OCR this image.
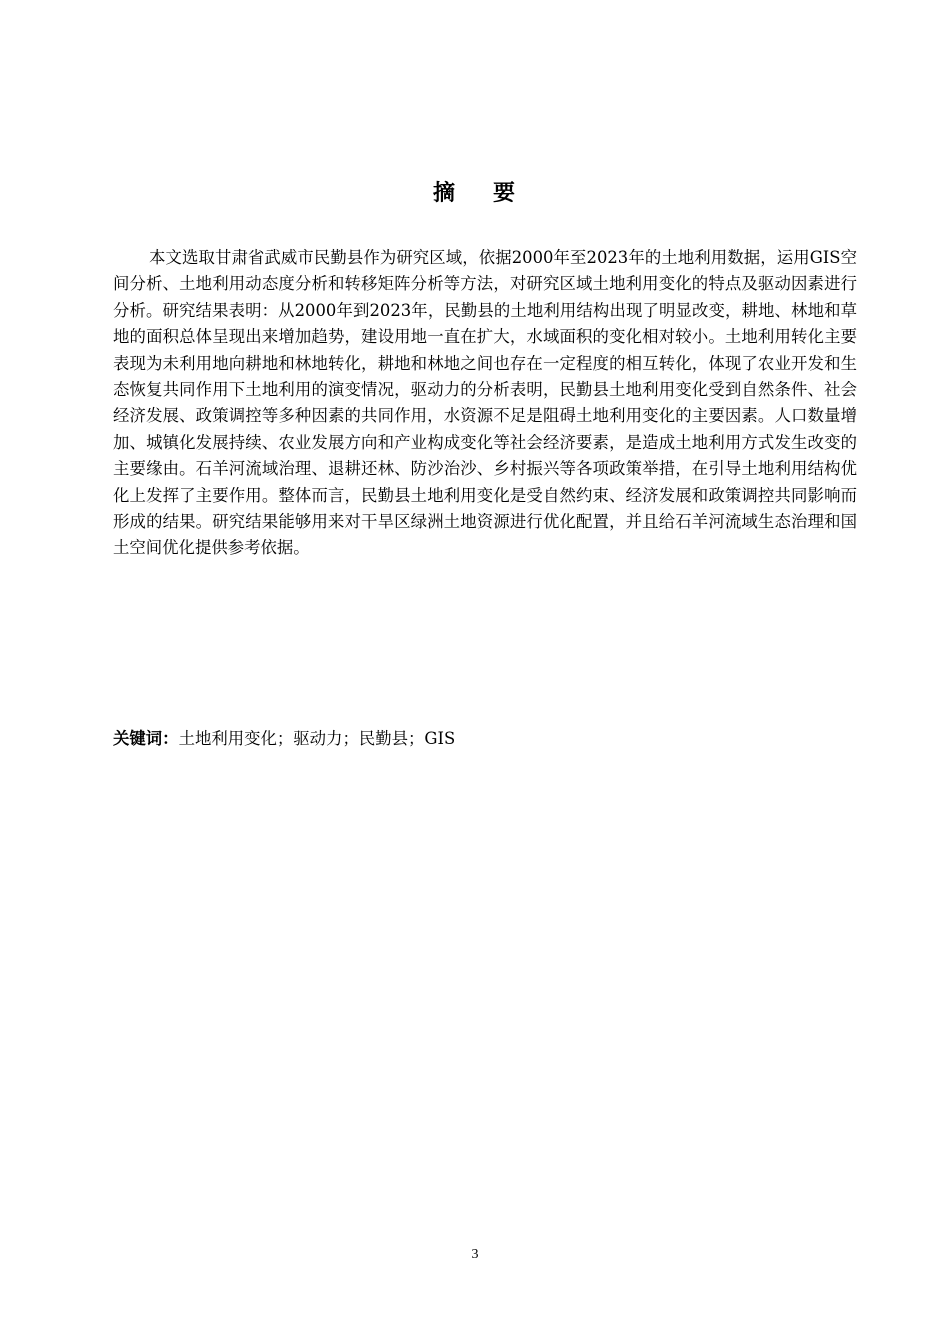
摘 要

本文选取甘肃省武威市民勤县作为研究区域，依据2000年至2023年的土地利用数据，运用GIS空间分析、土地利用动态度分析和转移矩阵分析等方法，对研究区域土地利用变化的特点及驱动因素进行分析。研究结果表明：从2000年到2023年，民勤县的土地利用结构出现了明显改变，耕地、林地和草地的面积总体呈现出来增加趋势，建设用地一直在扩大，水域面积的变化相对较小。土地利用转化主要表现为未利用地向耕地和林地转化，耕地和林地之间也存在一定程度的相互转化，体现了农业开发和生态恢复共同作用下土地利用的演变情况，驱动力的分析表明，民勤县土地利用变化受到自然条件、社会经济发展、政策调控等多种因素的共同作用，水资源不足是阻碍土地利用变化的主要因素。人口数量增加、城镇化发展持续、农业发展方向和产业构成变化等社会经济要素，是造成土地利用方式发生改变的主要缘由。石羊河流域治理、退耕还林、防沙治沙、乡村振兴等各项政策举措，在引导土地利用结构优化上发挥了主要作用。整体而言，民勤县土地利用变化是受自然约束、经济发展和政策调控共同影响而形成的结果。研究结果能够用来对干旱区绿洲土地资源进行优化配置，并且给石羊河流域生态治理和国土空间优化提供参考依据。

关键词：土地利用变化；驱动力；民勤县；GIS

3
